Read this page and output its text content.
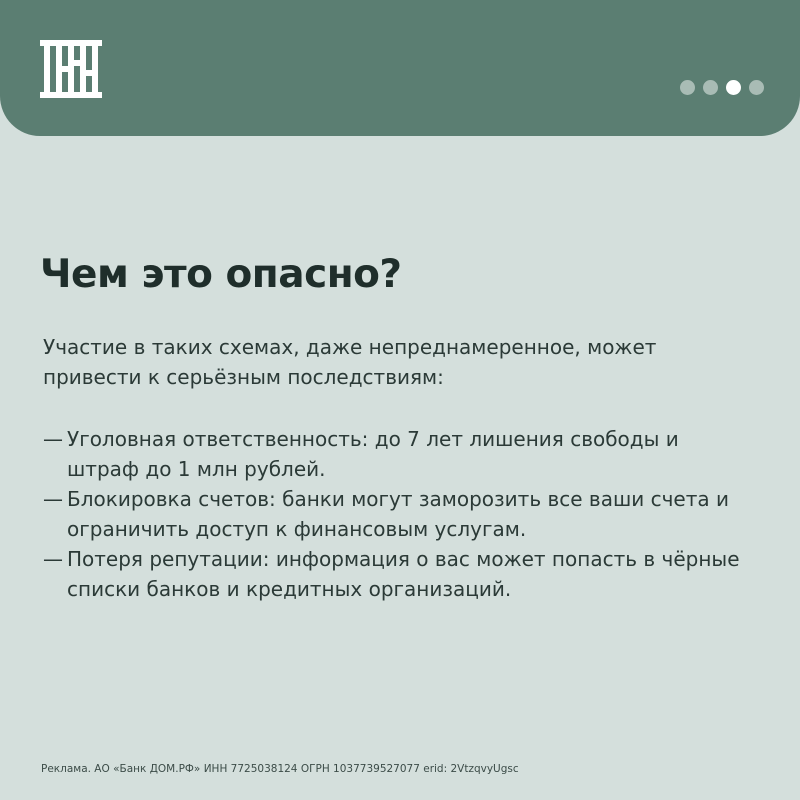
Чем это опасно?

Участие в таких схемах, даже непреднамеренное, может привести к серьёзным последствиям:

— Уголовная ответственность: до 7 лет лишения свободы и штраф до 1 млн рублей.
— Блокировка счетов: банки могут заморозить все ваши счета и ограничить доступ к финансовым услугам.
— Потеря репутации: информация о вас может попасть в чёрные списки банков и кредитных организаций.

Реклама. АО «Банк ДОМ.РФ» ИНН 7725038124 ОГРН 1037739527077 erid: 2VtzqvyUgsc
